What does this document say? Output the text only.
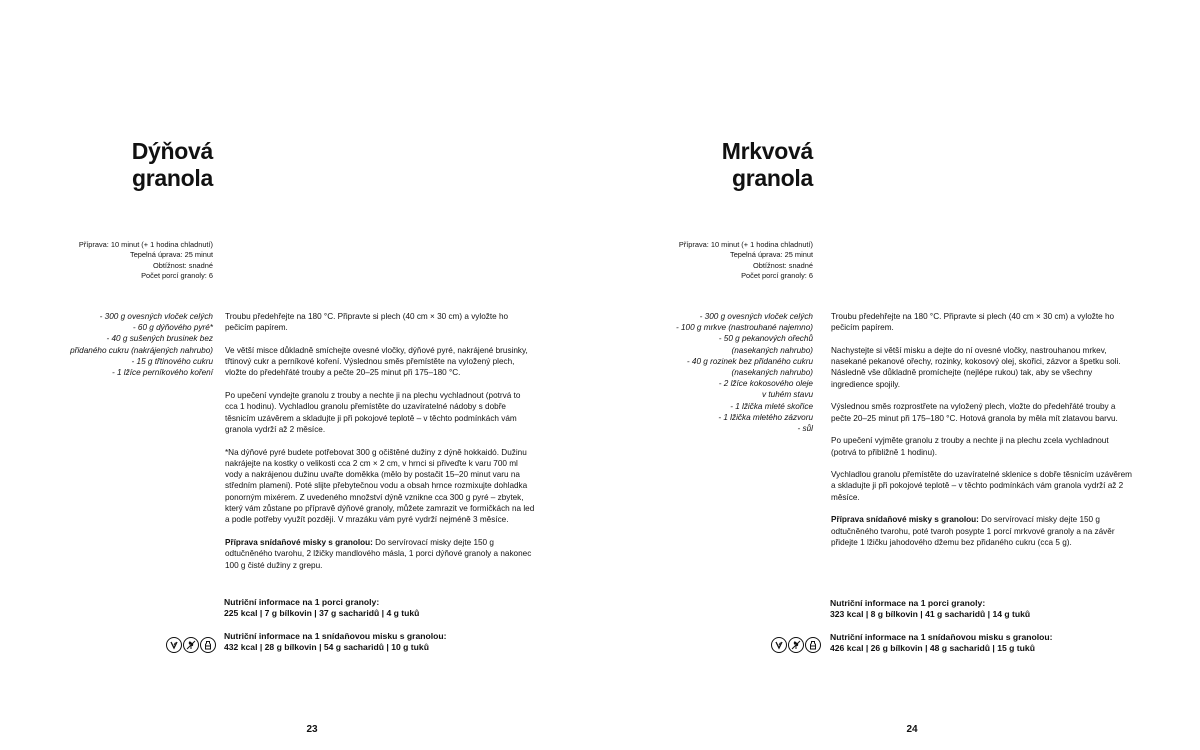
Dýňová
granola
Příprava: 10 minut (+ 1 hodina chladnutí)
Tepelná úprava: 25 minut
Obtížnost: snadné
Počet porcí granoly: 6
- 300 g ovesných vloček celých
- 60 g dýňového pyré*
- 40 g sušených brusinek bez
přidaného cukru (nakrájených nahrubo)
- 15 g třtinového cukru
- 1 lžíce perníkového koření

Troubu předehřejte na 180 °C. Připravte si plech (40 cm × 30 cm) a vyložte ho pečicím papírem.

Ve větší misce důkladně smíchejte ovesné vločky, dýňové pyré, nakrájené brusinky, třtinový cukr a perníkové koření. Výslednou směs přemístěte na vyložený plech, vložte do předehřáté trouby a pečte 20–25 minut při 175–180 °C.

Po upečení vyndejte granolu z trouby a nechte ji na plechu vychladnout (potrvá to cca 1 hodinu). Vychladlou granolu přemístěte do uzavíratelné nádoby s dobře těsnicím uzávěrem a skladujte ji při pokojové teplotě – v těchto podmínkách vám granola vydrží až 2 měsíce.

*Na dýňové pyré budete potřebovat 300 g očištěné dužiny z dýně hokkaidó. Dužinu nakrájejte na kostky o velikosti cca 2 cm × 2 cm, v hrnci si přiveďte k varu 700 ml vody a nakrájenou dužinu uvařte doměkka (mělo by postačit 15–20 minut varu na středním plameni). Poté slijte přebytečnou vodu a obsah hrnce rozmixujte dohladka ponorným mixérem. Z uvedeného množství dýně vznikne cca 300 g pyré – zbytek, který vám zůstane po přípravě dýňové granoly, můžete zamrazit ve formičkách na led a podle potřeby využít později. V mrazáku vám pyré vydrží nejméně 3 měsíce.

Příprava snídaňové misky s granolou: Do servírovací misky dejte 150 g odtučněného tvarohu, 2 lžičky mandlového másla, 1 porci dýňové granoly a nakonec 100 g čisté dužiny z grepu.

Nutriční informace na 1 porci granoly:
225 kcal | 7 g bílkovin | 37 g sacharidů | 4 g tuků
Nutriční informace na 1 snídaňovou misku s granolou:
432 kcal | 28 g bílkovin | 54 g sacharidů | 10 g tuků
23
Mrkvová
granola
Příprava: 10 minut (+ 1 hodina chladnutí)
Tepelná úprava: 25 minut
Obtížnost: snadné
Počet porcí granoly: 6
- 300 g ovesných vloček celých
- 100 g mrkve (nastrouhané najemno)
- 50 g pekanových ořechů
(nasekaných nahrubo)
- 40 g rozinek bez přidaného cukru
(nasekaných nahrubo)
- 2 lžíce kokosového oleje
v tuhém stavu
- 1 lžička mleté skořice
- 1 lžička mletého zázvoru
- sůl

Troubu předehřejte na 180 °C. Připravte si plech (40 cm × 30 cm) a vyložte ho pečicím papírem.

Nachystejte si větší misku a dejte do ní ovesné vločky, nastrouhanou mrkev, nasekané pekanové ořechy, rozinky, kokosový olej, skořici, zázvor a špetku soli. Následně vše důkladně promíchejte (nejlépe rukou) tak, aby se všechny ingredience spojily.

Výslednou směs rozprostřete na vyložený plech, vložte do předehřáté trouby a pečte 20–25 minut při 175–180 °C. Hotová granola by měla mít zlatavou barvu.

Po upečení vyjměte granolu z trouby a nechte ji na plechu zcela vychladnout (potrvá to přibližně 1 hodinu).

Vychladlou granolu přemístěte do uzavíratelné sklenice s dobře těsnicím uzávěrem a skladujte ji při pokojové teplotě – v těchto podmínkách vám granola vydrží až 2 měsíce.

Příprava snídaňové misky s granolou: Do servírovací misky dejte 150 g odtučněného tvarohu, poté tvaroh posypte 1 porcí mrkvové granoly a na závěr přidejte 1 lžičku jahodového džemu bez přidaného cukru (cca 5 g).

Nutriční informace na 1 porci granoly:
323 kcal | 8 g bílkovin | 41 g sacharidů | 14 g tuků
Nutriční informace na 1 snídaňovou misku s granolou:
426 kcal | 26 g bílkovin | 48 g sacharidů | 15 g tuků
24
